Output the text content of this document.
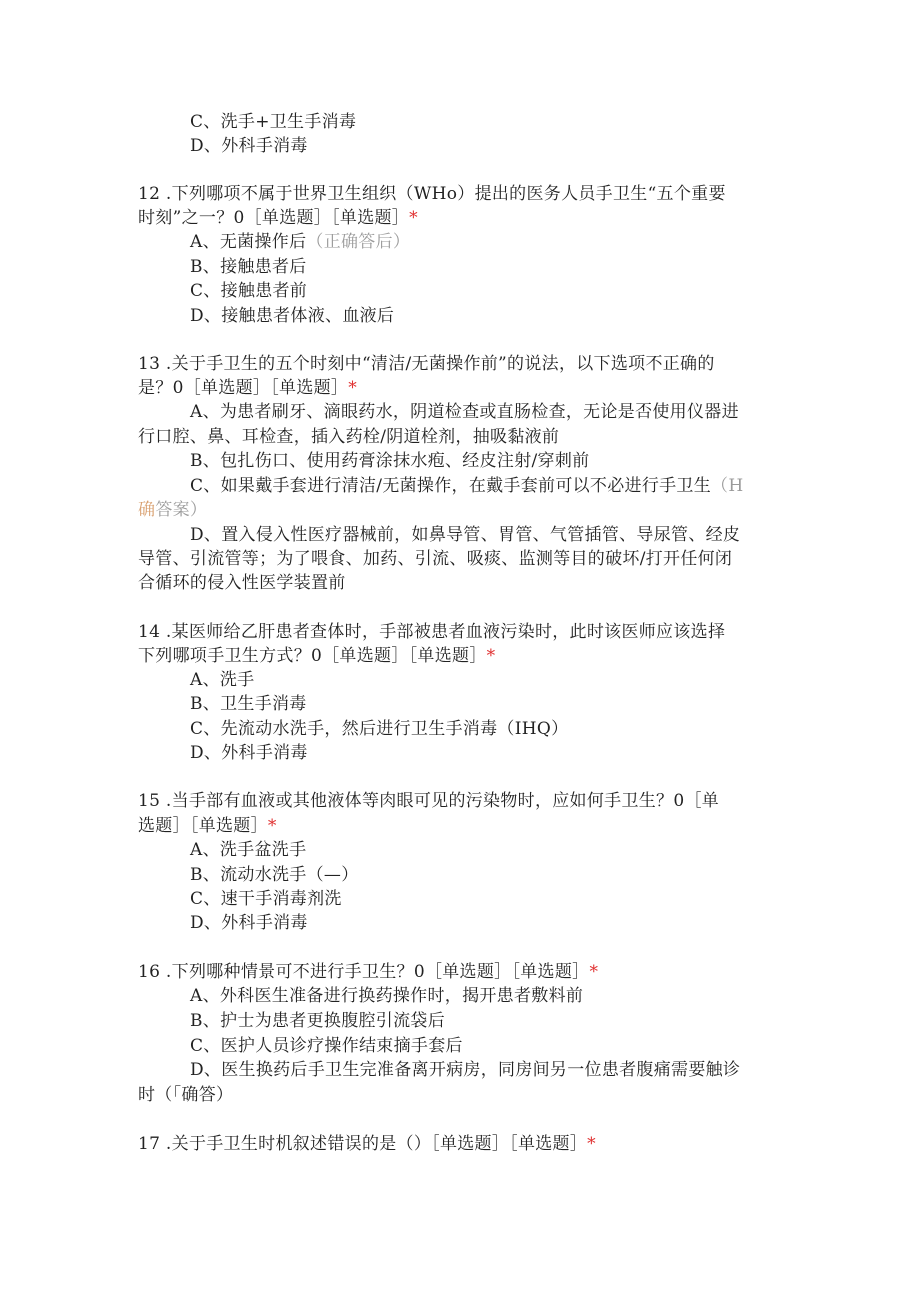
C、洗手+卫生手消毒
D、外科手消毒
12 .下列哪项不属于世界卫生组织（WHo）提出的医务人员手卫生“五个重要
时刻”之一？0［单选题］［单选题］*
A、无菌操作后（正确答后）
B、接触患者后
C、接触患者前
D、接触患者体液、血液后
13 .关于手卫生的五个时刻中“清洁/无菌操作前”的说法，以下选项不正确的
是？0［单选题］［单选题］*
A、为患者刷牙、滴眼药水，阴道检查或直肠检查，无论是否使用仪器进
行口腔、鼻、耳检查，插入药栓/阴道栓剂，抽吸黏液前
B、包扎伤口、使用药膏涂抹水疱、经皮注射/穿刺前
C、如果戴手套进行清洁/无菌操作，在戴手套前可以不必进行手卫生（H
确答案）
D、置入侵入性医疗器械前，如鼻导管、胃管、气管插管、导尿管、经皮
导管、引流管等；为了喂食、加药、引流、吸痰、监测等目的破坏/打开任何闭
合循环的侵入性医学装置前
14 .某医师给乙肝患者查体时，手部被患者血液污染时，此时该医师应该选择
下列哪项手卫生方式？0［单选题］［单选题］*
A、洗手
B、卫生手消毒
C、先流动水洗手，然后进行卫生手消毒（IHQ）
D、外科手消毒
15 .当手部有血液或其他液体等肉眼可见的污染物时，应如何手卫生？0［单
选题］［单选题］*
A、洗手盆洗手
B、流动水洗手（—）
C、速干手消毒剂洗
D、外科手消毒
16 .下列哪种情景可不进行手卫生？0［单选题］［单选题］*
A、外科医生准备进行换药操作时，揭开患者敷料前
B、护士为患者更换腹腔引流袋后
C、医护人员诊疗操作结束摘手套后
D、医生换药后手卫生完准备离开病房，同房间另一位患者腹痛需要触诊
时（「确答）
17 .关于手卫生时机叙述错误的是（）［单选题］［单选题］*
